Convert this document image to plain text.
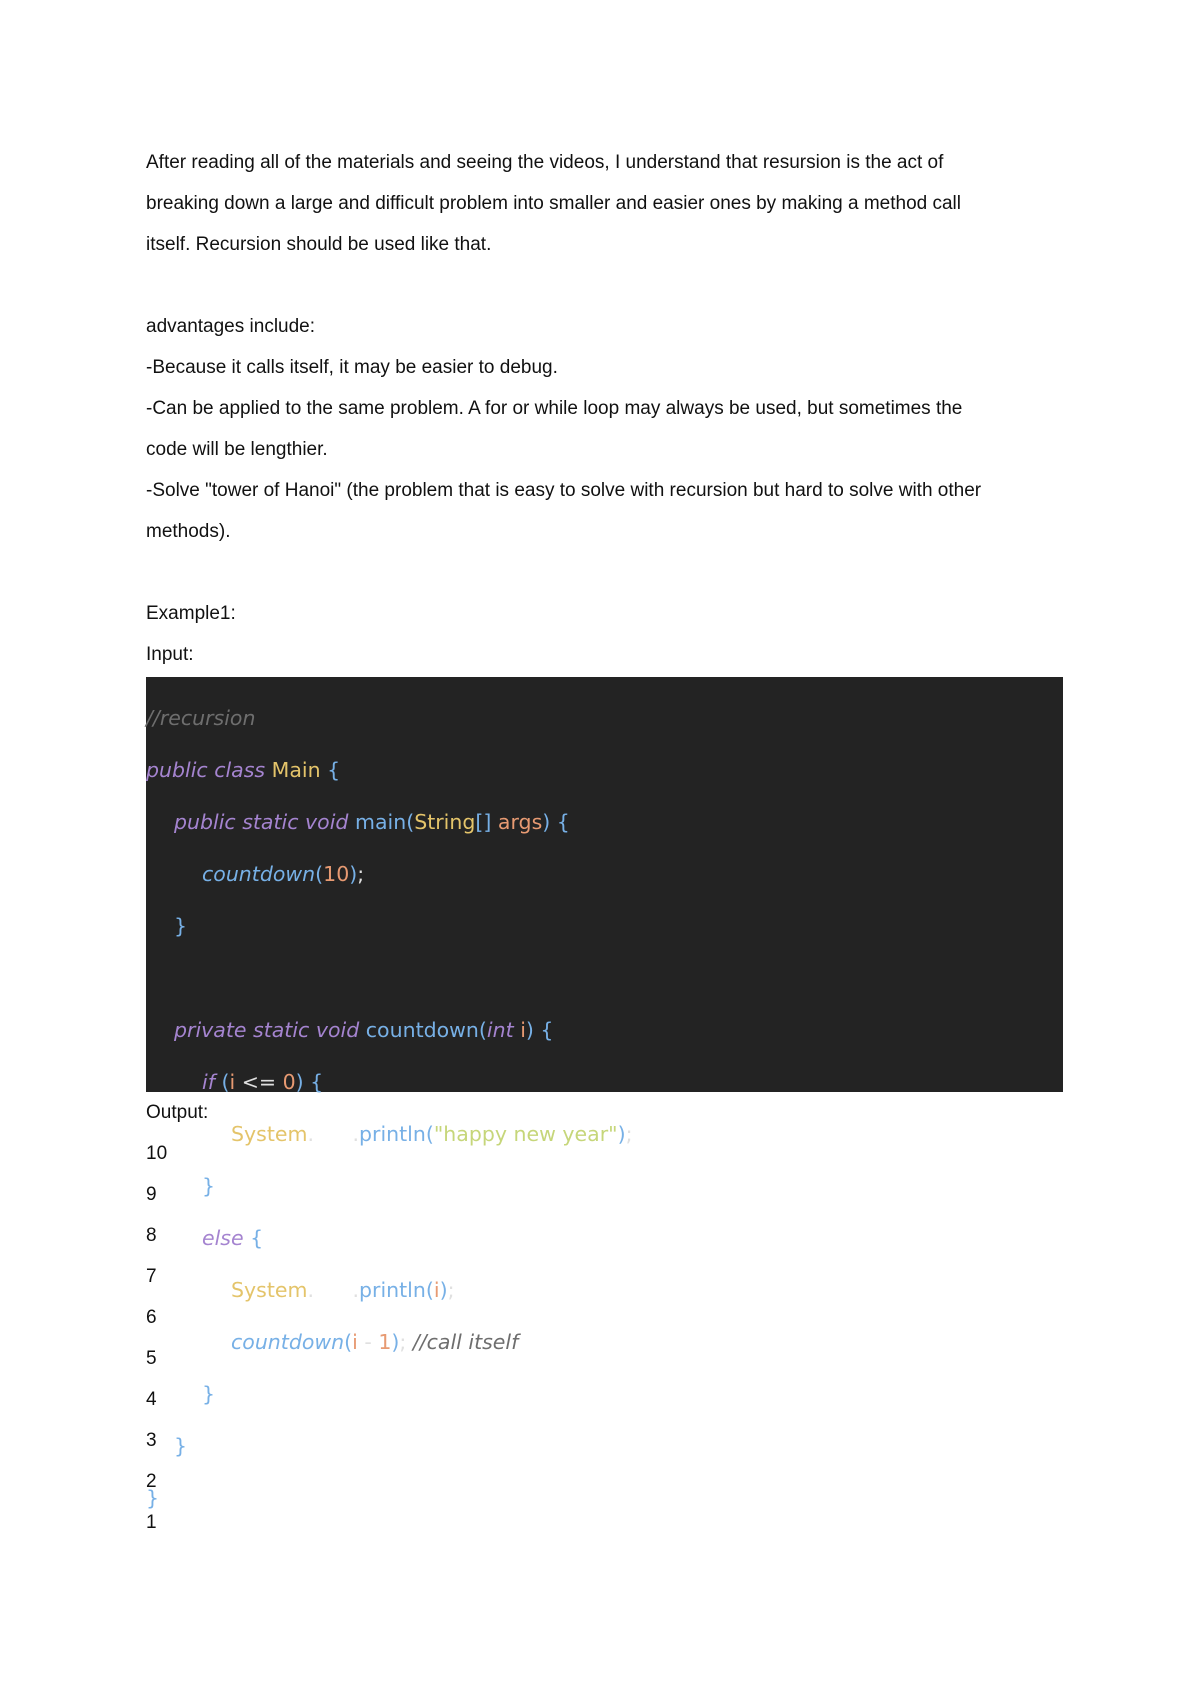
After reading all of the materials and seeing the videos, I understand that resursion is the act of

breaking down a large and difficult problem into smaller and easier ones by making a method call

itself. Recursion should be used like that.

advantages include:

-Because it calls itself, it may be easier to debug.

-Can be applied to the same problem. A for or while loop may always be used, but sometimes the

code will be lengthier.

-Solve "tower of Hanoi" (the problem that is easy to solve with recursion but hard to solve with other

methods).

Example1:

Input:

//recursion

public class Main {

public static void main(String[] args) {

countdown(10);

}

private static void countdown(int i) {

if (i <= 0) {

System.out.println("happy new year");

}

else {

System.out.println(i);

countdown(i - 1); //call itself

}

}

}

Output:
10
9
8
7
6
5
4
3
2
1
